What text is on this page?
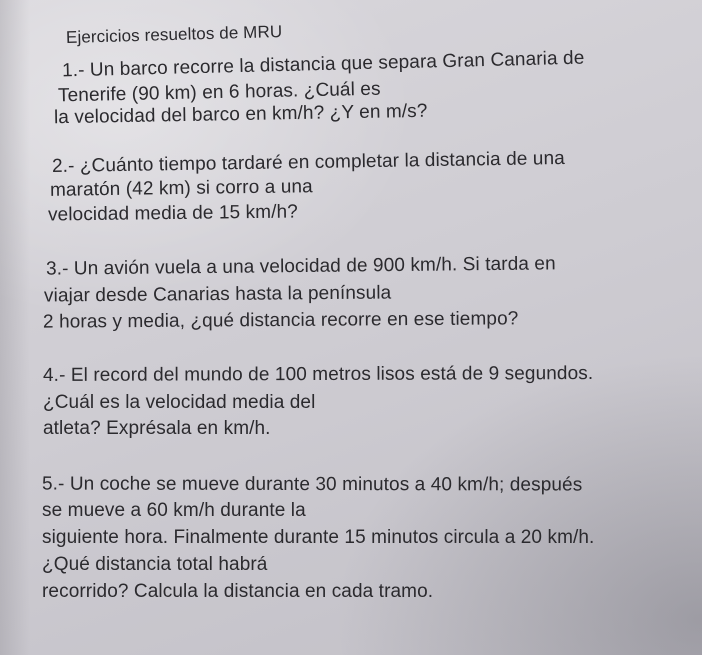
Ejercicios resueltos de MRU
1.- Un barco recorre la distancia que separa Gran Canaria de
Tenerife (90 km) en 6 horas. ¿Cuál es
la velocidad del barco en km/h? ¿Y en m/s?
2.- ¿Cuánto tiempo tardaré en completar la distancia de una
maratón (42 km) si corro a una
velocidad media de 15 km/h?
3.- Un avión vuela a una velocidad de 900 km/h. Si tarda en
viajar desde Canarias hasta la península
2 horas y media, ¿qué distancia recorre en ese tiempo?
4.- El record del mundo de 100 metros lisos está de 9 segundos.
¿Cuál es la velocidad media del
atleta? Exprésala en km/h.
5.- Un coche se mueve durante 30 minutos a 40 km/h; después
se mueve a 60 km/h durante la
siguiente hora. Finalmente durante 15 minutos circula a 20 km/h.
¿Qué distancia total habrá
recorrido? Calcula la distancia en cada tramo.
